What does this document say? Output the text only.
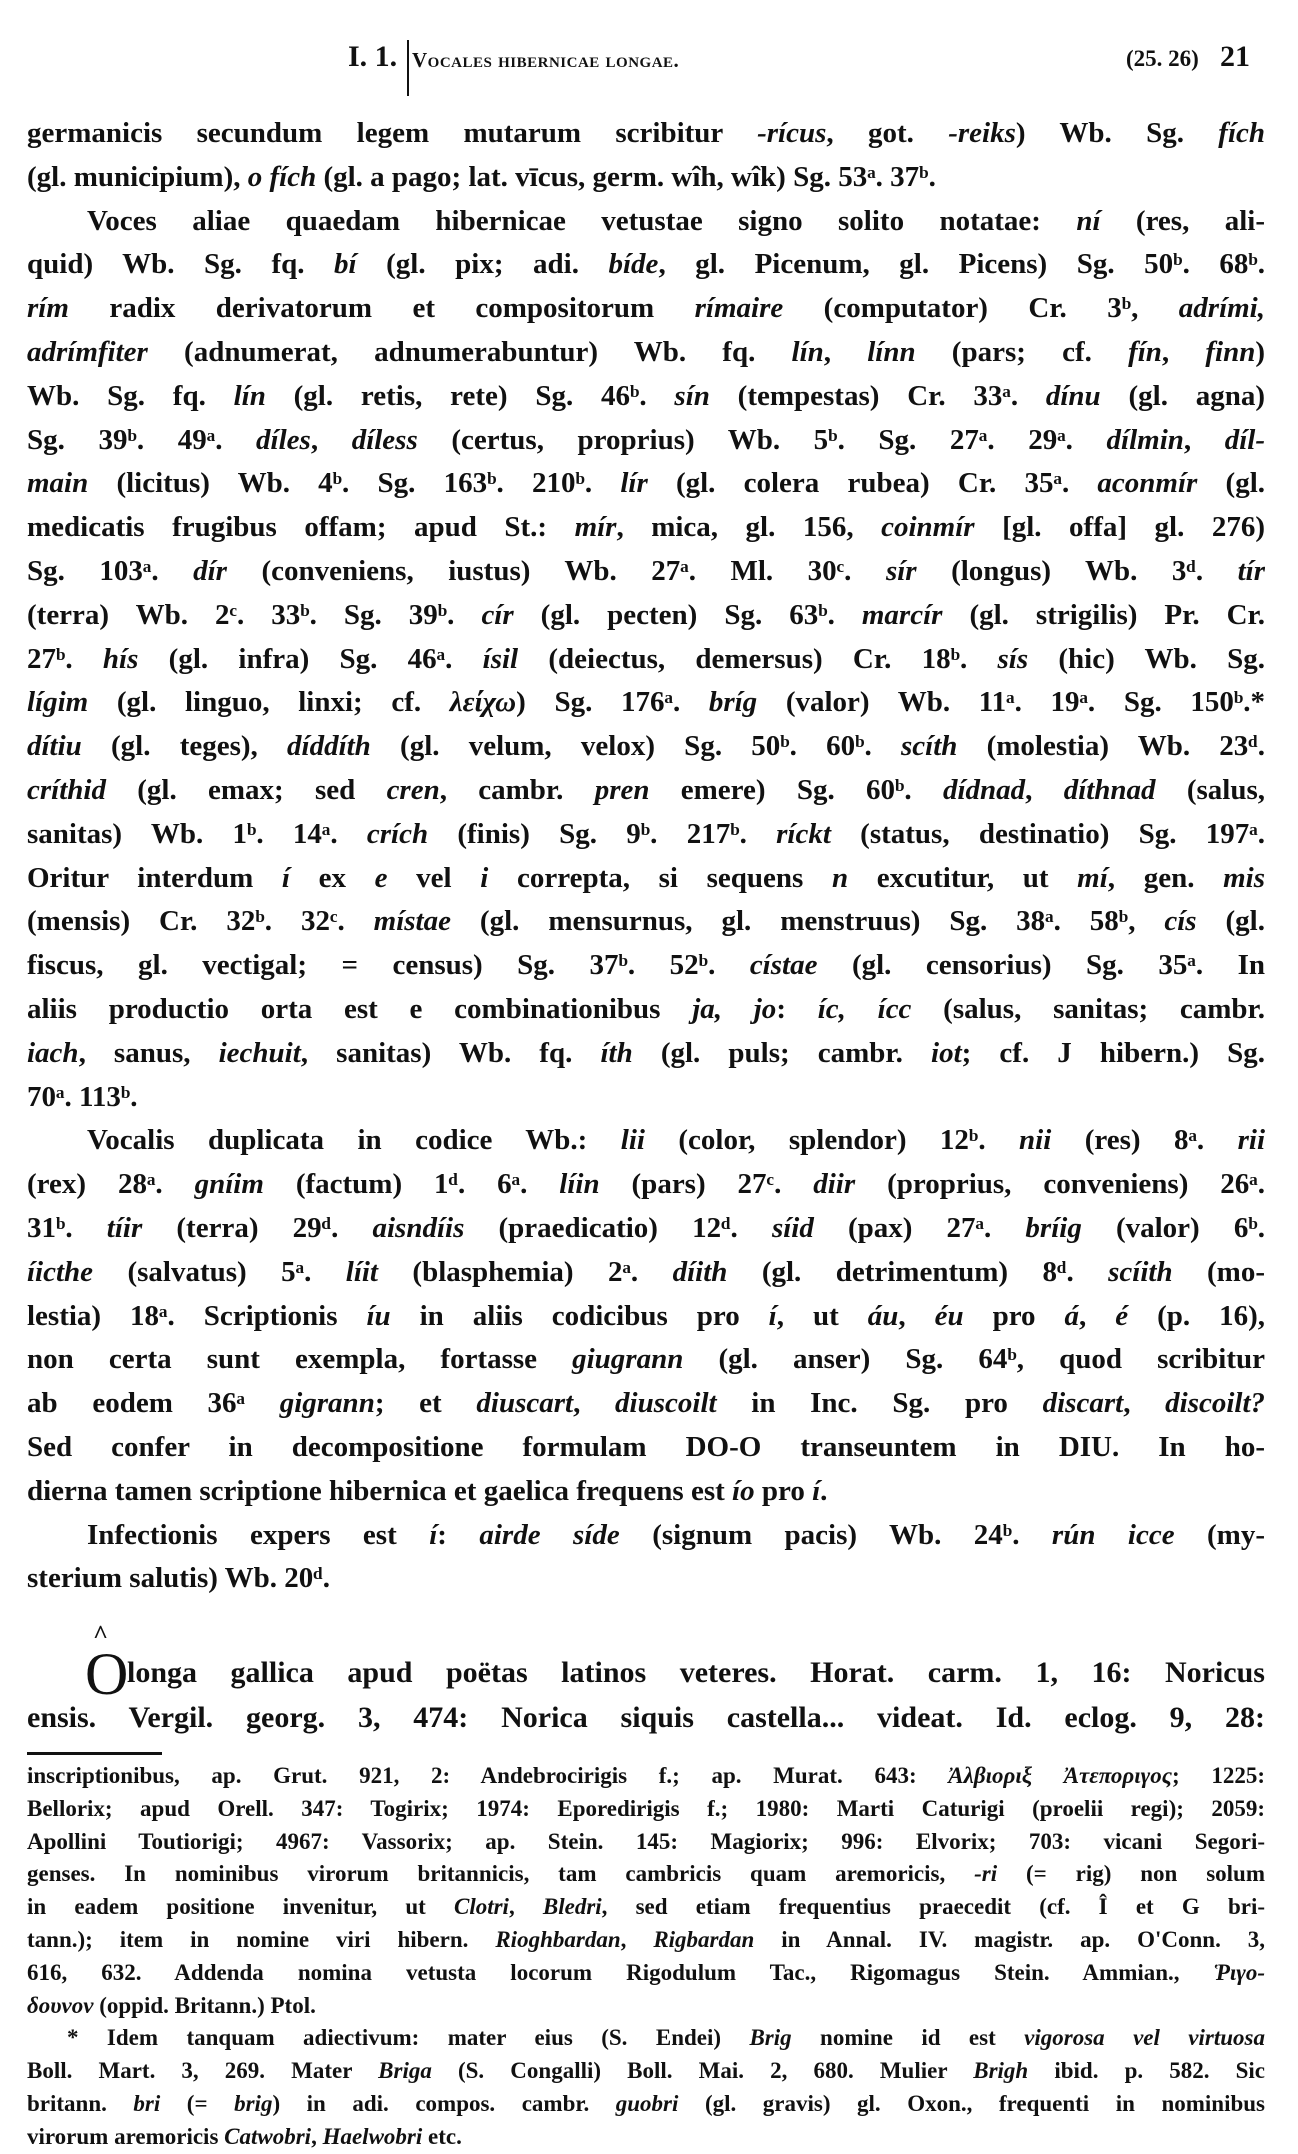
I. 1. Vocales hibernicae longae.	(25. 26) 21
germanicis secundum legem mutarum scribitur -rícus, got. -reiks) Wb. Sg. fích
(gl. municipium), o fích (gl. a pago; lat. vīcus, germ. wîh, wîk) Sg. 53ᵃ. 37ᵇ.
Voces aliae quaedam hibernicae vetustae signo solito notatae: ní (res, ali-
quid) Wb. Sg. fq. bí (gl. pix; adi. bíde, gl. Picenum, gl. Picens) Sg. 50ᵇ. 68ᵇ.
rím radix derivatorum et compositorum rímaire (computator) Cr. 3ᵇ, adrími,
adrímfiter (adnumerat, adnumerabuntur) Wb. fq. lín, línn (pars; cf. fín, finn)
Wb. Sg. fq. lín (gl. retis, rete) Sg. 46ᵇ. sín (tempestas) Cr. 33ᵃ. dínu (gl. agna)
Sg. 39ᵇ. 49ᵃ. díles, díless (certus, proprius) Wb. 5ᵇ. Sg. 27ᵃ. 29ᵃ. dílmin, díl-
main (licitus) Wb. 4ᵇ. Sg. 163ᵇ. 210ᵇ. lír (gl. colera rubea) Cr. 35ᵃ. aconmír (gl.
medicatis frugibus offam; apud St.: mír, mica, gl. 156, coinmír [gl. offa] gl. 276)
Sg. 103ᵃ. dír (conveniens, iustus) Wb. 27ᵃ. Ml. 30ᶜ. sír (longus) Wb. 3ᵈ. tír
(terra) Wb. 2ᶜ. 33ᵇ. Sg. 39ᵇ. cír (gl. pecten) Sg. 63ᵇ. marcír (gl. strigilis) Pr. Cr.
27ᵇ. hís (gl. infra) Sg. 46ᵃ. ísil (deiectus, demersus) Cr. 18ᵇ. sís (hic) Wb. Sg.
lígim (gl. linguo, linxi; cf. λείχω) Sg. 176ᵃ. bríg (valor) Wb. 11ᵃ. 19ᵃ. Sg. 150ᵇ.*
dítiu (gl. teges), díddíth (gl. velum, velox) Sg. 50ᵇ. 60ᵇ. scíth (molestia) Wb. 23ᵈ.
críthid (gl. emax; sed cren, cambr. pren emere) Sg. 60ᵇ. dídnad, díthnad (salus,
sanitas) Wb. 1ᵇ. 14ᵃ. crích (finis) Sg. 9ᵇ. 217ᵇ. ríckt (status, destinatio) Sg. 197ᵃ.
Oritur interdum í ex e vel i correpta, si sequens n excutitur, ut mí, gen. mis
(mensis) Cr. 32ᵇ. 32ᶜ. místae (gl. mensurnus, gl. menstruus) Sg. 38ᵃ. 58ᵇ, cís (gl.
fiscus, gl. vectigal; = census) Sg. 37ᵇ. 52ᵇ. cístae (gl. censorius) Sg. 35ᵃ. In
aliis productio orta est e combinationibus ja, jo: íc, ícc (salus, sanitas; cambr.
iach, sanus, iechuit, sanitas) Wb. fq. íth (gl. puls; cambr. iot; cf. J hibern.) Sg.
70ᵃ. 113ᵇ.
Vocalis duplicata in codice Wb.: lii (color, splendor) 12ᵇ. nii (res) 8ᵃ. rii
(rex) 28ᵃ. gníim (factum) 1ᵈ. 6ᵃ. líin (pars) 27ᶜ. diir (proprius, conveniens) 26ᵃ.
31ᵇ. tíir (terra) 29ᵈ. aisndíis (praedicatio) 12ᵈ. síid (pax) 27ᵃ. bríig (valor) 6ᵇ.
íicthe (salvatus) 5ᵃ. líit (blasphemia) 2ᵃ. díith (gl. detrimentum) 8ᵈ. scíith (mo-
lestia) 18ᵃ. Scriptionis íu in aliis codicibus pro í, ut áu, éu pro á, é (p. 16),
non certa sunt exempla, fortasse giugrann (gl. anser) Sg. 64ᵇ, quod scribitur
ab eodem 36ᵃ gigrann; et diuscart, diuscoilt in Inc. Sg. pro discart, discoilt?
Sed confer in decompositione formulam DO-O transeuntem in DIU. In ho-
dierna tamen scriptione hibernica et gaelica frequens est ío pro í.
Infectionis expers est í: airde síde (signum pacis) Wb. 24ᵇ. rún icce (my-
sterium salutis) Wb. 20ᵈ.
^
O
longa gallica apud poëtas latinos veteres. Horat. carm. 1, 16: Noricus
ensis. Vergil. georg. 3, 474: Norica siquis castella... videat. Id. eclog. 9, 28:
inscriptionibus, ap. Grut. 921, 2: Andebrocirigis f.; ap. Murat. 643: Ἀλβιοριξ Ἀτεποριγος; 1225:
Bellorix; apud Orell. 347: Togirix; 1974: Eporedirigis f.; 1980: Marti Caturigi (proelii regi); 2059:
Apollini Toutiorigi; 4967: Vassorix; ap. Stein. 145: Magiorix; 996: Elvorix; 703: vicani Segori-
genses. In nominibus virorum britannicis, tam cambricis quam aremoricis, -ri (= rig) non solum
in eadem positione invenitur, ut Clotri, Bledri, sed etiam frequentius praecedit (cf. Î et G bri-
tann.); item in nomine viri hibern. Rioghbardan, Rigbardan in Annal. IV. magistr. ap. O'Conn. 3,
616, 632. Addenda nomina vetusta locorum Rigodulum Tac., Rigomagus Stein. Ammian., Ῥιγο-
δουνον (oppid. Britann.) Ptol.
* Idem tanquam adiectivum: mater eius (S. Endei) Brig nomine id est vigorosa vel virtuosa
Boll. Mart. 3, 269. Mater Briga (S. Congalli) Boll. Mai. 2, 680. Mulier Brigh ibid. p. 582. Sic
britann. bri (= brig) in adi. compos. cambr. guobri (gl. gravis) gl. Oxon., frequenti in nominibus
virorum aremoricis Catwobri, Haelwobri etc.
